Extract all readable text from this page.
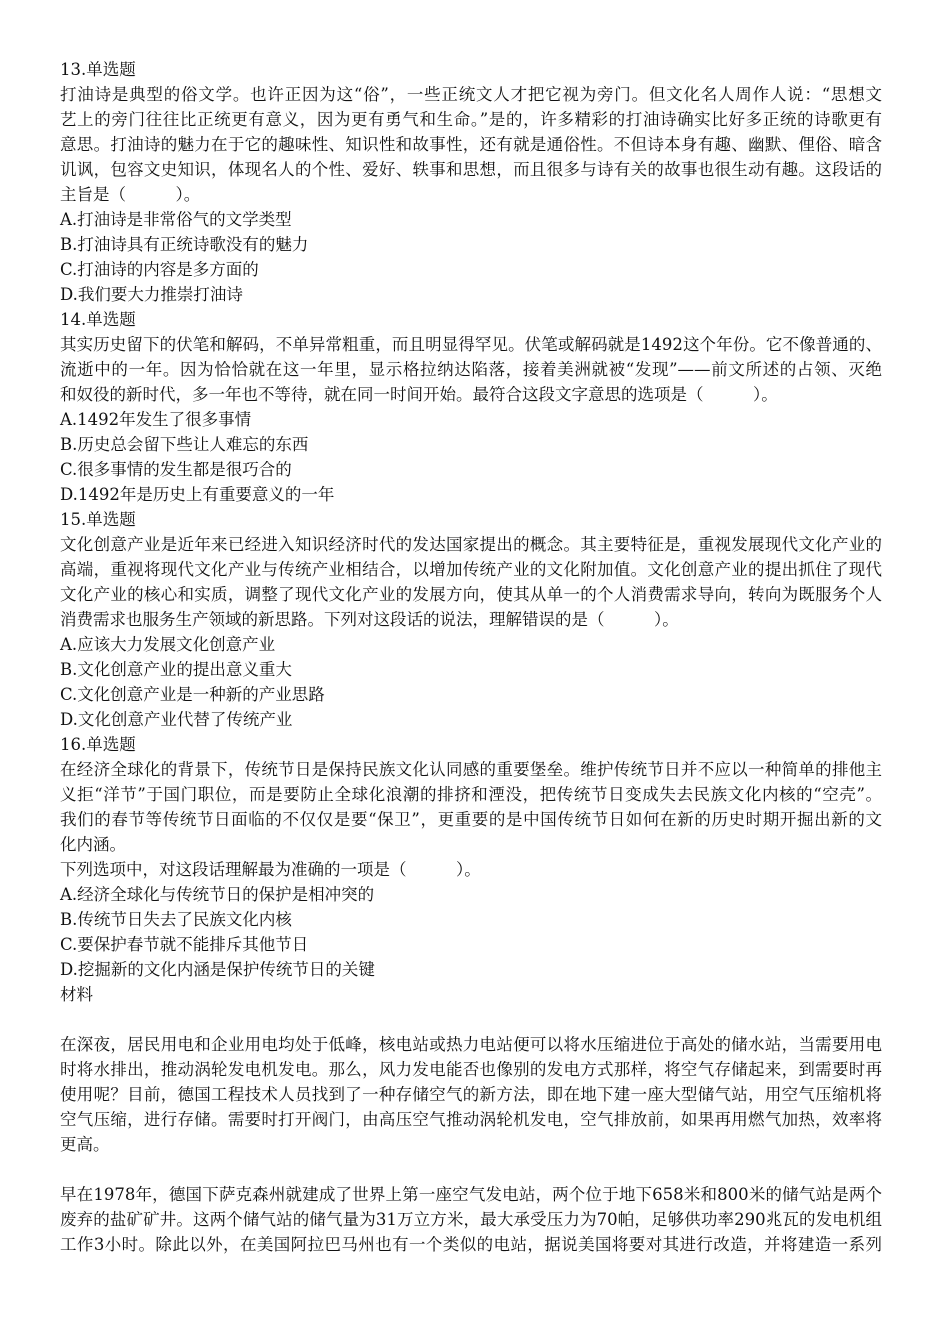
13.单选题
打油诗是典型的俗文学。也许正因为这“俗”，一些正统文人才把它视为旁门。但文化名人周作人说：“思想文
艺上的旁门往往比正统更有意义，因为更有勇气和生命。”是的，许多精彩的打油诗确实比好多正统的诗歌更有
意思。打油诗的魅力在于它的趣味性、知识性和故事性，还有就是通俗性。不但诗本身有趣、幽默、俚俗、暗含
讥讽，包容文史知识，体现名人的个性、爱好、轶事和思想，而且很多与诗有关的故事也很生动有趣。这段话的
主旨是（　　　）。
A.打油诗是非常俗气的文学类型
B.打油诗具有正统诗歌没有的魅力
C.打油诗的内容是多方面的
D.我们要大力推崇打油诗
14.单选题
其实历史留下的伏笔和解码，不单异常粗重，而且明显得罕见。伏笔或解码就是1492这个年份。它不像普通的、
流逝中的一年。因为恰恰就在这一年里，显示格拉纳达陷落，接着美洲就被“发现”——前文所述的占领、灭绝
和奴役的新时代，多一年也不等待，就在同一时间开始。最符合这段文字意思的选项是（　　　）。
A.1492年发生了很多事情
B.历史总会留下些让人难忘的东西
C.很多事情的发生都是很巧合的
D.1492年是历史上有重要意义的一年
15.单选题
文化创意产业是近年来已经进入知识经济时代的发达国家提出的概念。其主要特征是，重视发展现代文化产业的
高端，重视将现代文化产业与传统产业相结合，以增加传统产业的文化附加值。文化创意产业的提出抓住了现代
文化产业的核心和实质，调整了现代文化产业的发展方向，使其从单一的个人消费需求导向，转向为既服务个人
消费需求也服务生产领域的新思路。下列对这段话的说法，理解错误的是（　　　）。
A.应该大力发展文化创意产业
B.文化创意产业的提出意义重大
C.文化创意产业是一种新的产业思路
D.文化创意产业代替了传统产业
16.单选题
在经济全球化的背景下，传统节日是保持民族文化认同感的重要堡垒。维护传统节日并不应以一种简单的排他主
义拒“洋节”于国门职位，而是要防止全球化浪潮的排挤和湮没，把传统节日变成失去民族文化内核的“空壳”。
我们的春节等传统节日面临的不仅仅是要“保卫”，更重要的是中国传统节日如何在新的历史时期开掘出新的文
化内涵。
下列选项中，对这段话理解最为准确的一项是（　　　）。
A.经济全球化与传统节日的保护是相冲突的
B.传统节日失去了民族文化内核
C.要保护春节就不能排斥其他节日
D.挖掘新的文化内涵是保护传统节日的关键
材料
在深夜，居民用电和企业用电均处于低峰，核电站或热力电站便可以将水压缩进位于高处的储水站，当需要用电
时将水排出，推动涡轮发电机发电。那么，风力发电能否也像别的发电方式那样，将空气存储起来，到需要时再
使用呢？目前，德国工程技术人员找到了一种存储空气的新方法，即在地下建一座大型储气站，用空气压缩机将
空气压缩，进行存储。需要时打开阀门，由高压空气推动涡轮机发电，空气排放前，如果再用燃气加热，效率将
更高。
早在1978年，德国下萨克森州就建成了世界上第一座空气发电站，两个位于地下658米和800米的储气站是两个
废弃的盐矿矿井。这两个储气站的储气量为31万立方米，最大承受压力为70帕，足够供功率290兆瓦的发电机组
工作3小时。除此以外，在美国阿拉巴马州也有一个类似的电站，据说美国将要对其进行改造，并将建造一系列
